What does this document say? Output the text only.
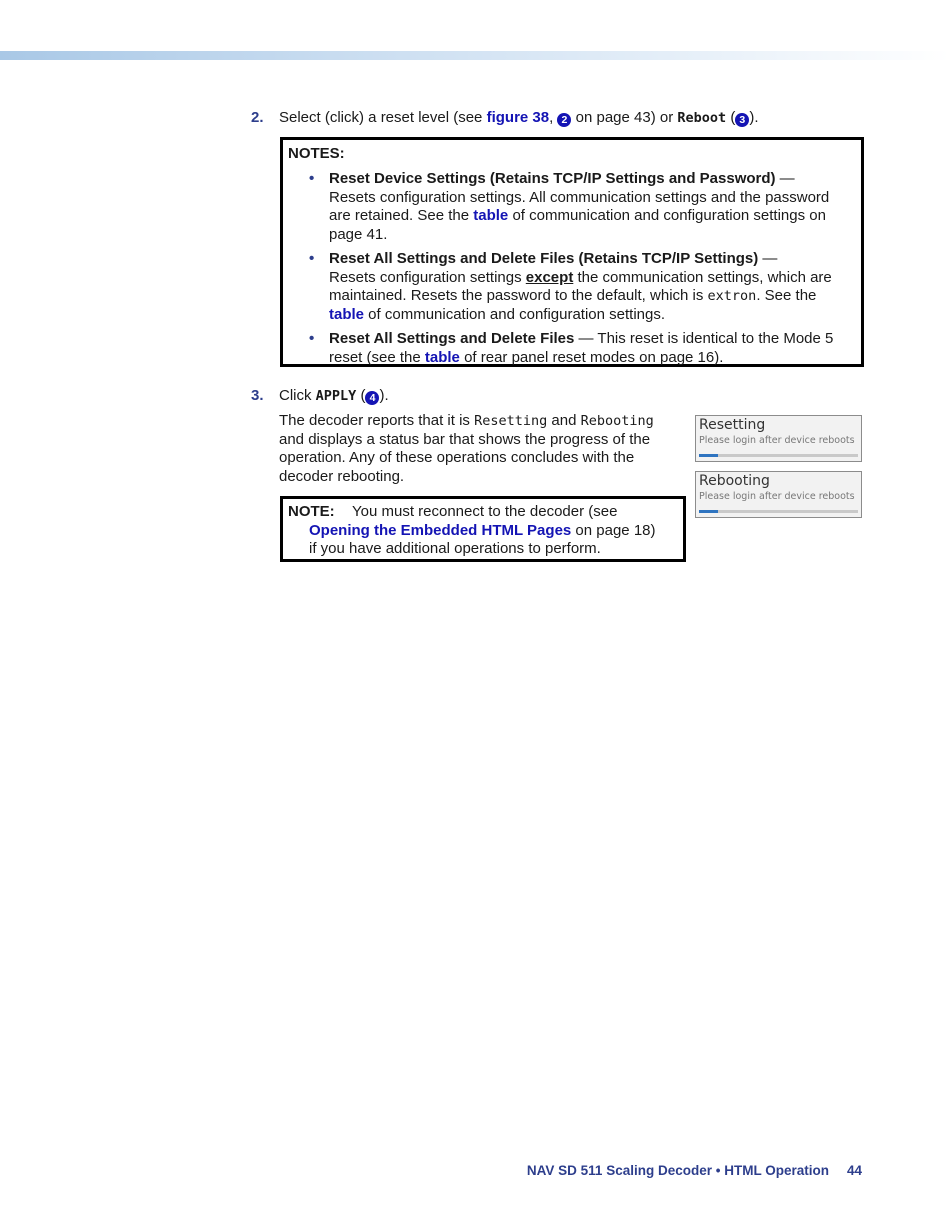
2. Select (click) a reset level (see figure 38, 2 on page 43) or Reboot ( 3 ).
NOTES:
• Reset Device Settings (Retains TCP/IP Settings and Password) —
Resets configuration settings. All communication settings and the password
are retained. See the table of communication and configuration settings on
page 41.
• Reset All Settings and Delete Files (Retains TCP/IP Settings) —
Resets configuration settings except the communication settings, which are
maintained. Resets the password to the default, which is extron. See the
table of communication and configuration settings.
• Reset All Settings and Delete Files — This reset is identical to the Mode 5
reset (see the table of rear panel reset modes on page 16).
3. Click APPLY ( 4 ).
The decoder reports that it is Resetting and Rebooting
and displays a status bar that shows the progress of the
operation. Any of these operations concludes with the
decoder rebooting.
NOTE: You must reconnect to the decoder (see
Opening the Embedded HTML Pages on page 18)
if you have additional operations to perform.
Resetting
Please login after device reboots
Rebooting
Please login after device reboots
NAV SD 511 Scaling Decoder • HTML Operation 44
